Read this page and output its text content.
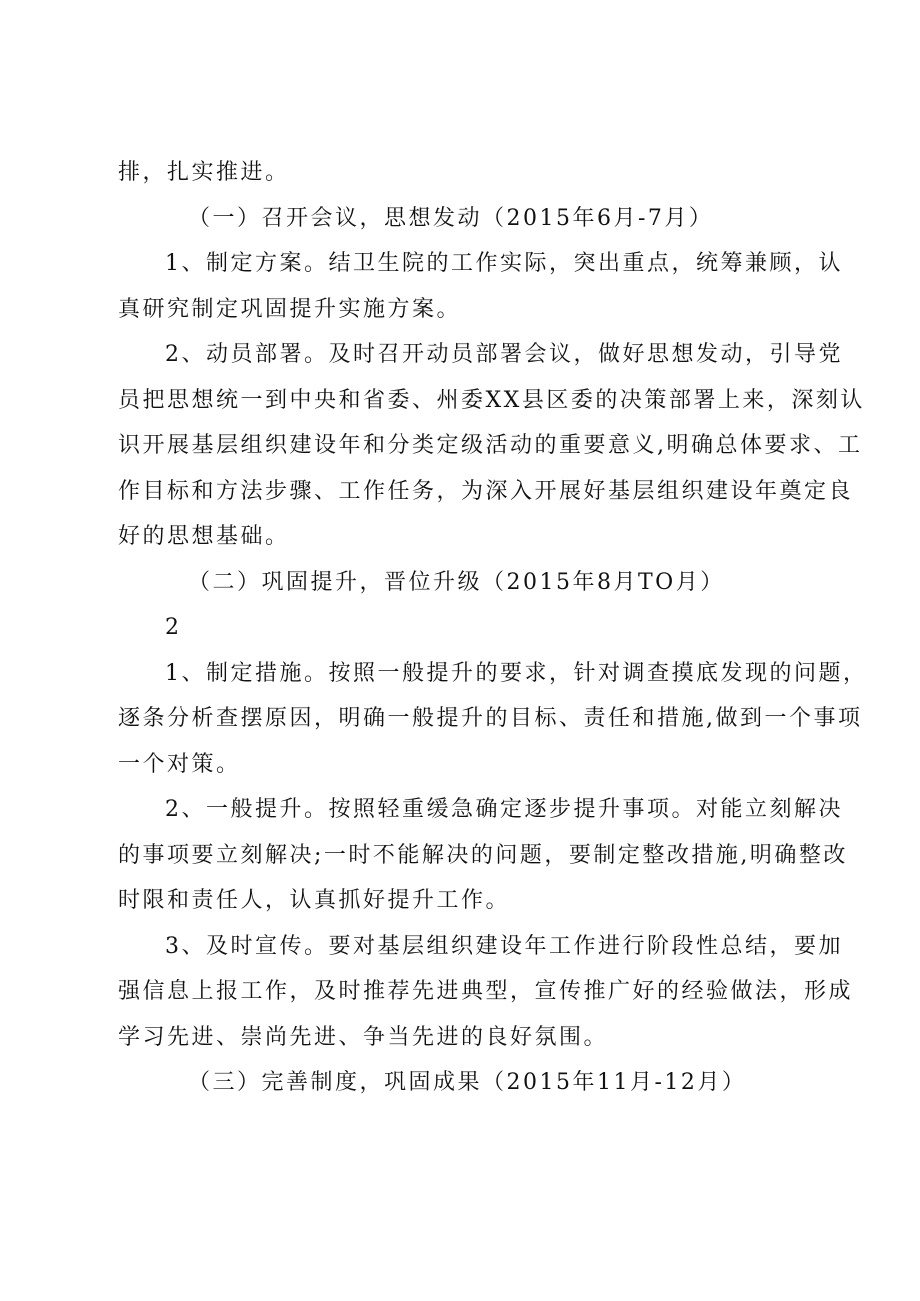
排，扎实推进。
（一）召开会议，思想发动（2015年6月-7月）
1、制定方案。结卫生院的工作实际，突出重点，统筹兼顾，认
真研究制定巩固提升实施方案。
2、动员部署。及时召开动员部署会议，做好思想发动，引导党
员把思想统一到中央和省委、州委XX县区委的决策部署上来，深刻认
识开展基层组织建设年和分类定级活动的重要意义,明确总体要求、工
作目标和方法步骤、工作任务，为深入开展好基层组织建设年奠定良
好的思想基础。
（二）巩固提升，晋位升级（2015年8月TO月）
2
1、制定措施。按照一般提升的要求，针对调查摸底发现的问题，
逐条分析查摆原因，明确一般提升的目标、责任和措施,做到一个事项
一个对策。
2、一般提升。按照轻重缓急确定逐步提升事项。对能立刻解决
的事项要立刻解决;一时不能解决的问题，要制定整改措施,明确整改
时限和责任人，认真抓好提升工作。
3、及时宣传。要对基层组织建设年工作进行阶段性总结，要加
强信息上报工作，及时推荐先进典型，宣传推广好的经验做法，形成
学习先进、崇尚先进、争当先进的良好氛围。
（三）完善制度，巩固成果（2015年11月-12月）
